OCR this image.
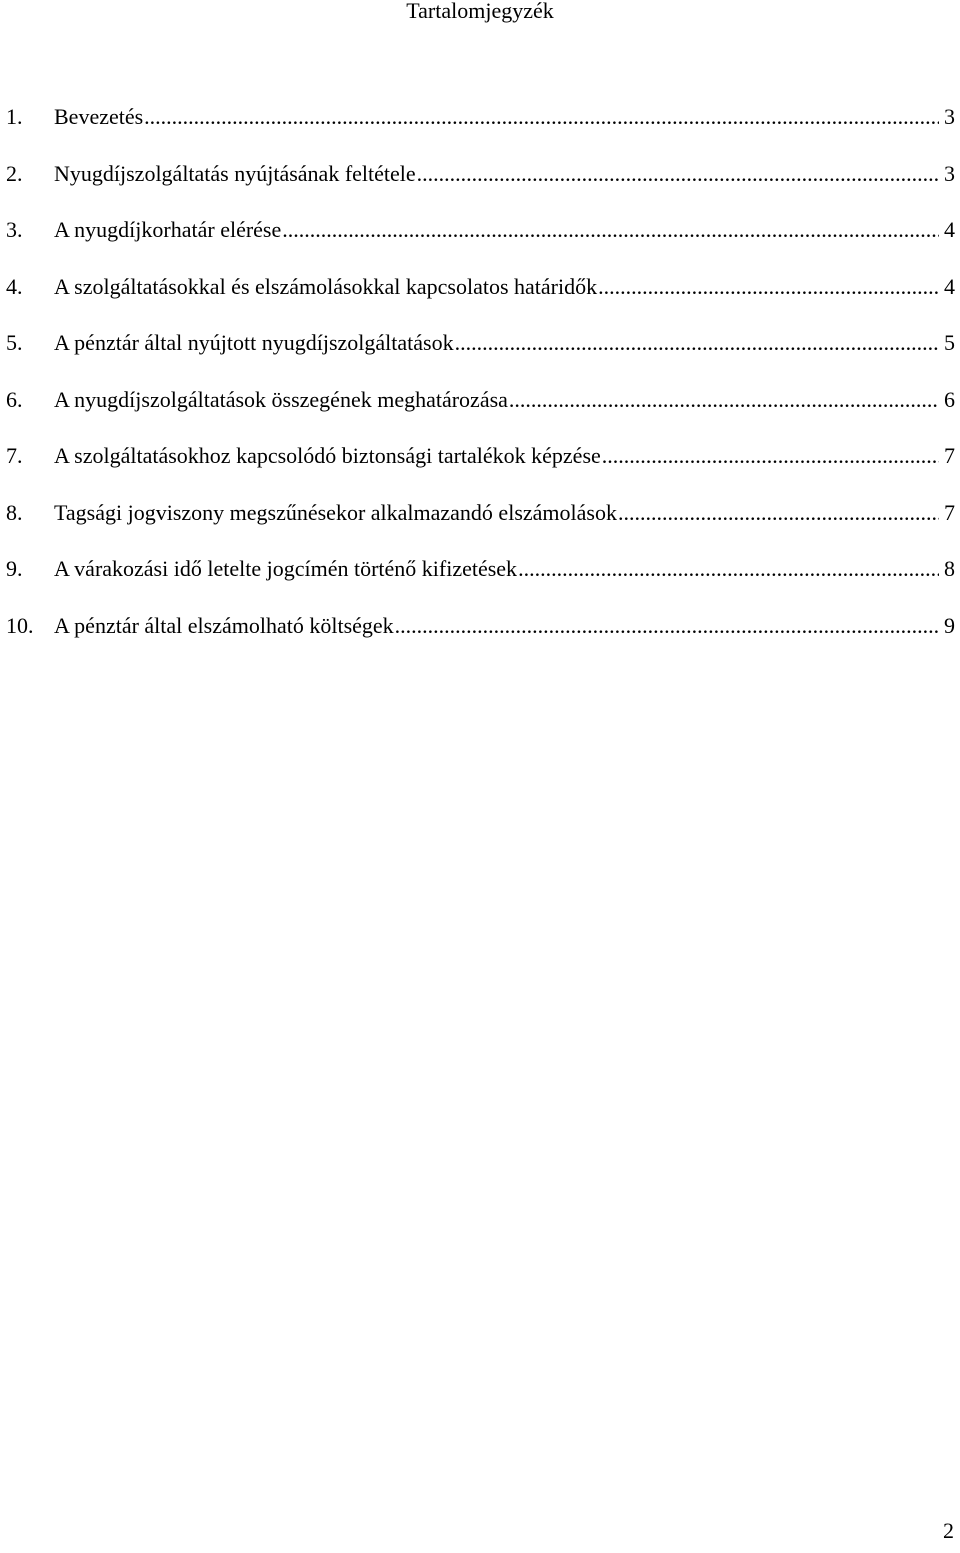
Tartalomjegyzék
1.	Bevezetés .....	3
2.	Nyugdíjszolgáltatás nyújtásának feltétele .....	3
3.	A nyugdíjkorhatár elérése .....	4
4.	A szolgáltatásokkal és elszámolásokkal kapcsolatos határidők .....	4
5.	A pénztár által nyújtott nyugdíjszolgáltatások .....	5
6.	A nyugdíjszolgáltatások összegének meghatározása .....	6
7.	A szolgáltatásokhoz kapcsolódó biztonsági tartalékok képzése .....	7
8.	Tagsági jogviszony megszűnésekor alkalmazandó elszámolások .....	7
9.	A várakozási idő letelte jogcímén történő kifizetések .....	8
10. A pénztár által elszámolható költségek .....	9
2
